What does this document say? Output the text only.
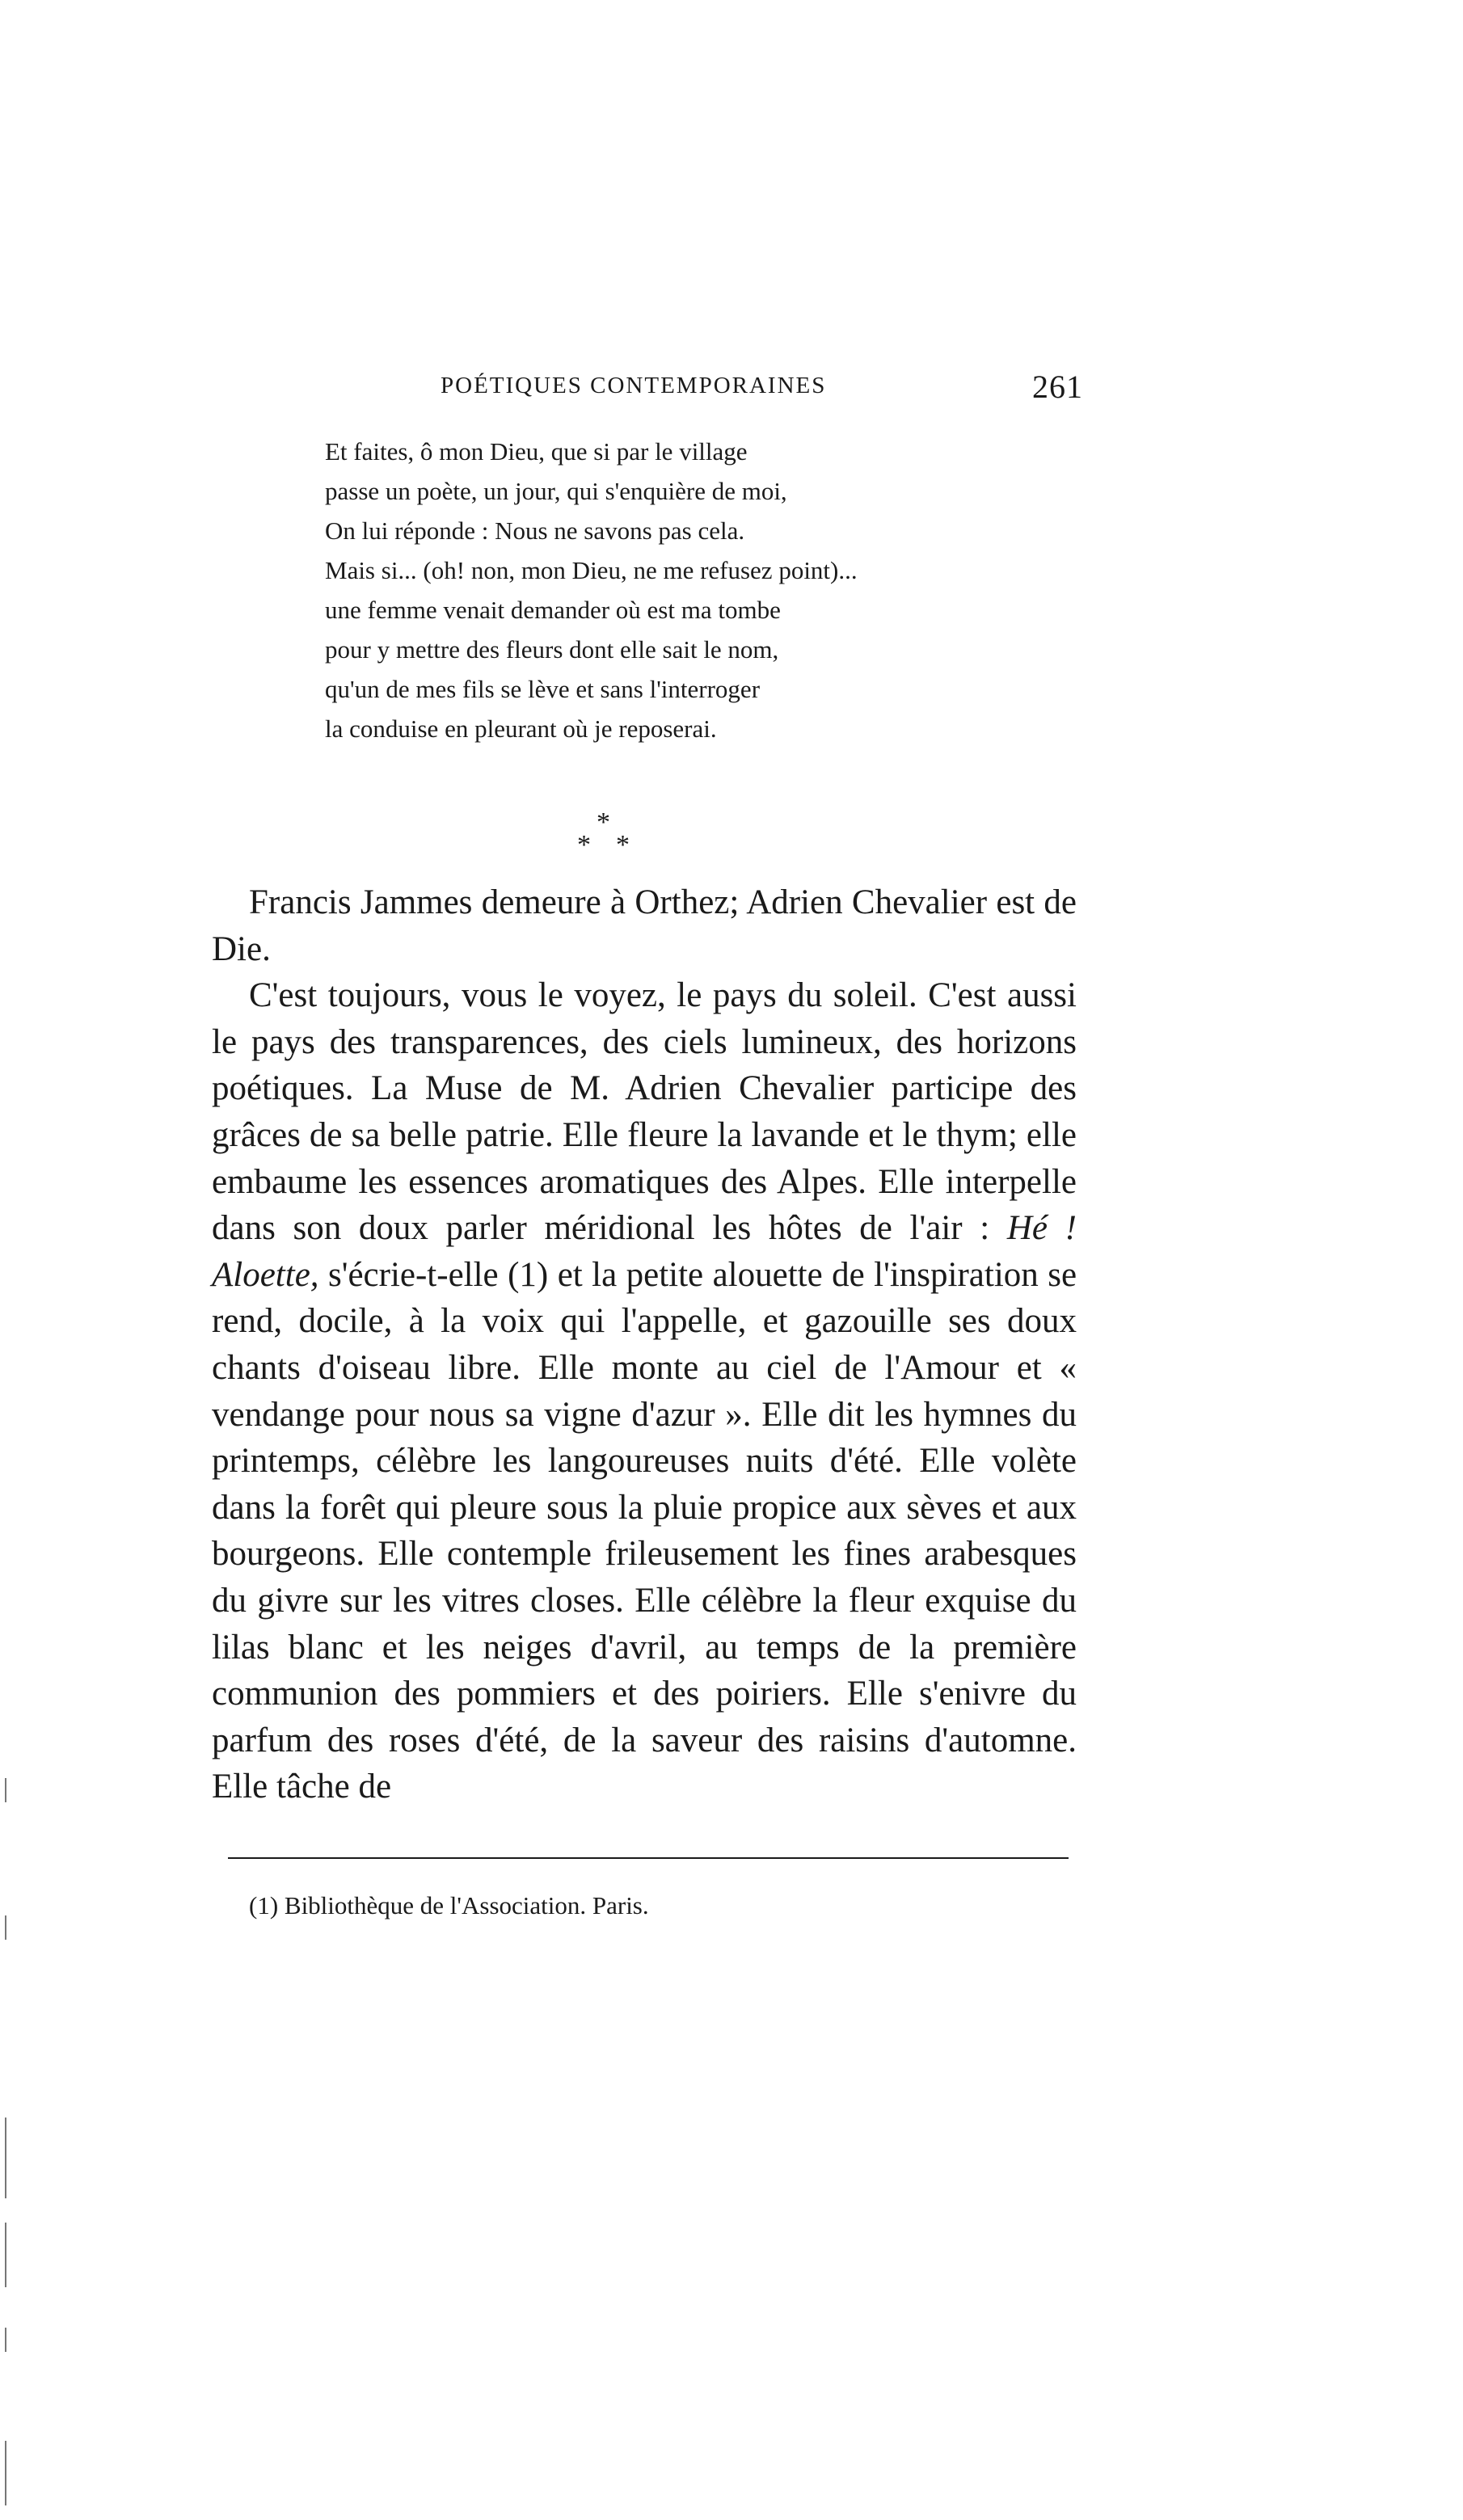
POÉTIQUES CONTEMPORAINES	261
Et faites, ô mon Dieu, que si par le village
passe un poète, un jour, qui s'enquière de moi,
On lui réponde : Nous ne savons pas cela.
Mais si... (oh! non, mon Dieu, ne me refusez point)...
une femme venait demander où est ma tombe
pour y mettre des fleurs dont elle sait le nom,
qu'un de mes fils se lève et sans l'interroger
la conduise en pleurant où je reposerai.
*
* *

Francis Jammes demeure à Orthez; Adrien Chevalier est de Die.

C'est toujours, vous le voyez, le pays du soleil. C'est aussi le pays des transparences, des ciels lumineux, des horizons poétiques. La Muse de M. Adrien Chevalier participe des grâces de sa belle patrie. Elle fleure la lavande et le thym; elle embaume les essences aromatiques des Alpes. Elle interpelle dans son doux parler méridional les hôtes de l'air : Hé ! Aloette, s'écrie-t-elle (1) et la petite alouette de l'inspiration se rend, docile, à la voix qui l'appelle, et gazouille ses doux chants d'oiseau libre. Elle monte au ciel de l'Amour et « vendange pour nous sa vigne d'azur ». Elle dit les hymnes du printemps, célèbre les langoureuses nuits d'été. Elle volète dans la forêt qui pleure sous la pluie propice aux sèves et aux bourgeons. Elle contemple frileusement les fines arabesques du givre sur les vitres closes. Elle célèbre la fleur exquise du lilas blanc et les neiges d'avril, au temps de la première communion des pommiers et des poiriers. Elle s'enivre du parfum des roses d'été, de la saveur des raisins d'automne. Elle tâche de

(1) Bibliothèque de l'Association. Paris.
